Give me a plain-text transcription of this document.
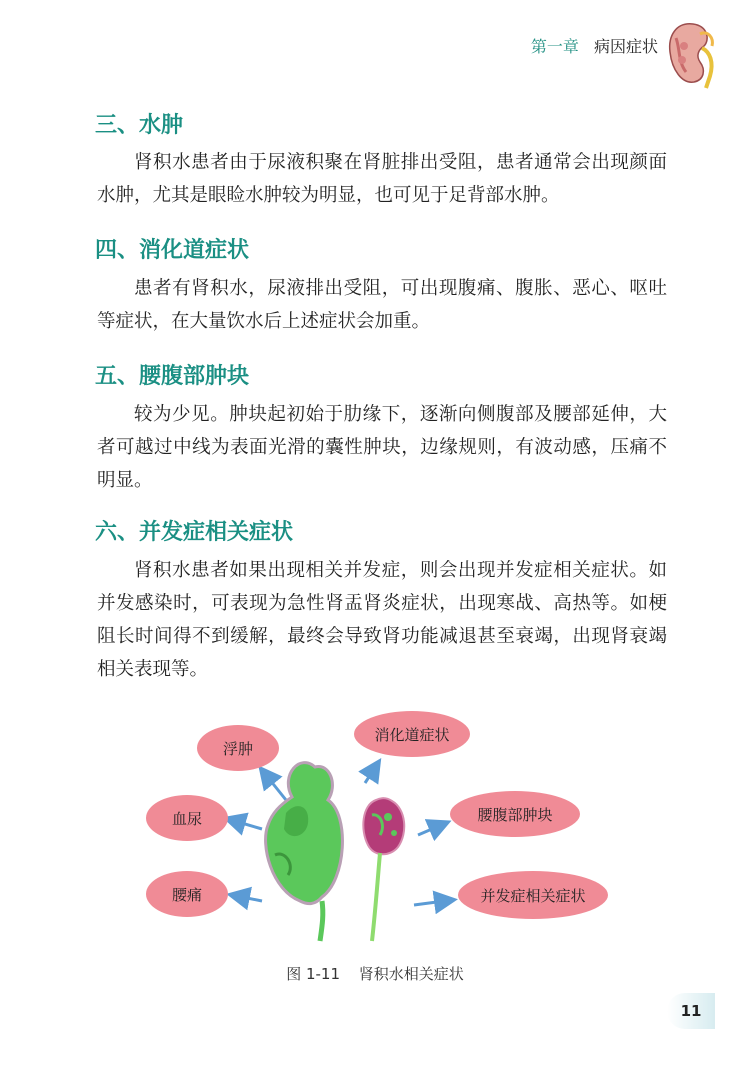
第一章 病因症状
三、水肿

肾积水患者由于尿液积聚在肾脏排出受阻，患者通常会出现颜面水肿，尤其是眼睑水肿较为明显，也可见于足背部水肿。

四、消化道症状

患者有肾积水，尿液排出受阻，可出现腹痛、腹胀、恶心、呕吐等症状，在大量饮水后上述症状会加重。

五、腰腹部肿块

较为少见。肿块起初始于肋缘下，逐渐向侧腹部及腰部延伸，大者可越过中线为表面光滑的囊性肿块，边缘规则，有波动感，压痛不明显。

六、并发症相关症状

肾积水患者如果出现相关并发症，则会出现并发症相关症状。如并发感染时，可表现为急性肾盂肾炎症状，出现寒战、高热等。如梗阻长时间得不到缓解，最终会导致肾功能减退甚至衰竭，出现肾衰竭相关表现等。

浮肿
血尿
腰痛
消化道症状
腰腹部肿块
并发症相关症状
图 1-11 肾积水相关症状
11
